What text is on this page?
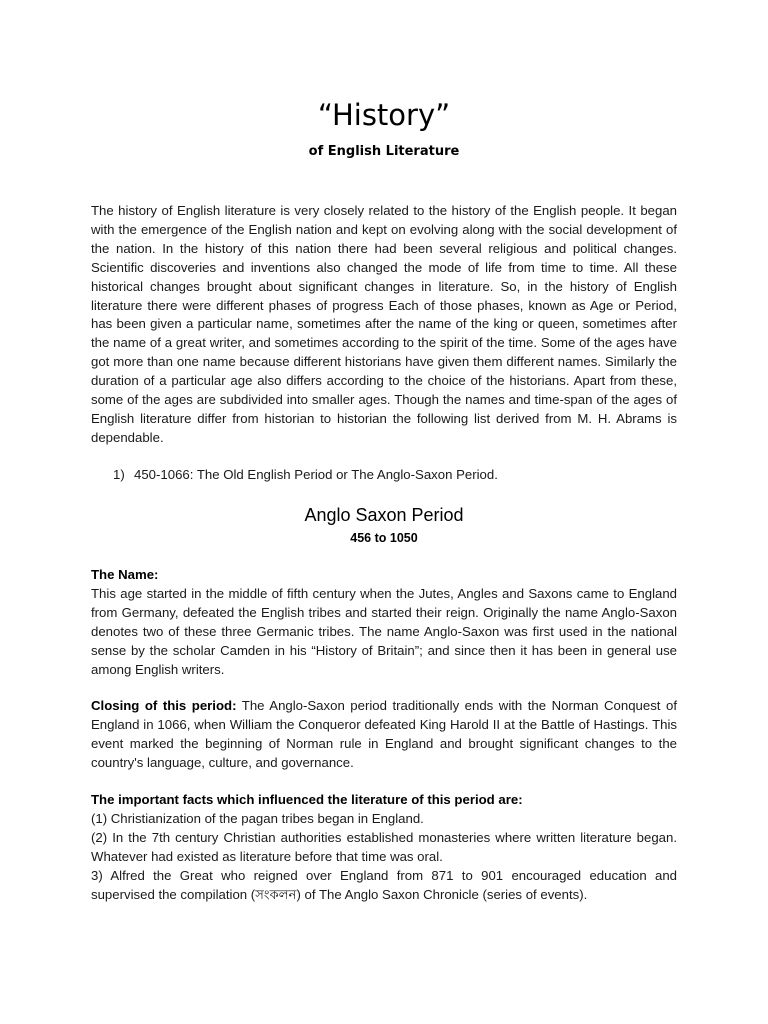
“History”
of English Literature

The history of English literature is very closely related to the history of the English people. It began with the emergence of the English nation and kept on evolving along with the social development of the nation. In the history of this nation there had been several religious and political changes. Scientific discoveries and inventions also changed the mode of life from time to time. All these historical changes brought about significant changes in literature. So, in the history of English literature there were different phases of progress Each of those phases, known as Age or Period, has been given a particular name, sometimes after the name of the king or queen, sometimes after the name of a great writer, and sometimes according to the spirit of the time. Some of the ages have got more than one name because different historians have given them different names. Similarly the duration of a particular age also differs according to the choice of the historians. Apart from these, some of the ages are subdivided into smaller ages. Though the names and time-span of the ages of English literature differ from historian to historian the following list derived from M. H. Abrams is dependable.

1) 450-1066: The Old English Period or The Anglo-Saxon Period.
Anglo Saxon Period
456 to 1050
The Name:
This age started in the middle of fifth century when the Jutes, Angles and Saxons came to England from Germany, defeated the English tribes and started their reign. Originally the name Anglo-Saxon denotes two of these three Germanic tribes. The name Anglo-Saxon was first used in the national sense by the scholar Camden in his “History of Britain”; and since then it has been in general use among English writers.
Closing of this period: The Anglo-Saxon period traditionally ends with the Norman Conquest of England in 1066, when William the Conqueror defeated King Harold II at the Battle of Hastings. This event marked the beginning of Norman rule in England and brought significant changes to the country's language, culture, and governance.
The important facts which influenced the literature of this period are:
(1) Christianization of the pagan tribes began in England.
(2) In the 7th century Christian authorities established monasteries where written literature began. Whatever had existed as literature before that time was oral.
3) Alfred the Great who reigned over England from 871 to 901 encouraged education and supervised the compilation (সংকলন) of The Anglo Saxon Chronicle (series of events).
